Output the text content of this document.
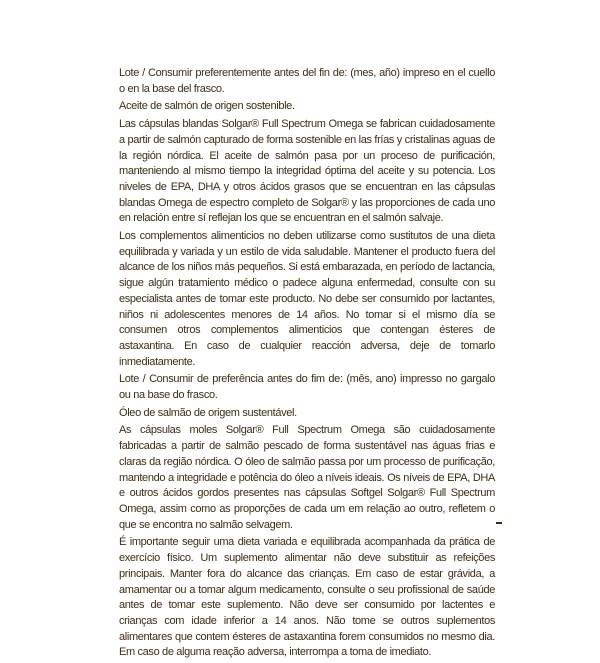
Lote / Consumir preferentemente antes del fin de: (mes, año) impreso en el cuello o en la base del frasco.

Aceite de salmón de origen sostenible.

Las cápsulas blandas Solgar® Full Spectrum Omega se fabrican cuidadosamente a partir de salmón capturado de forma sostenible en las frías y cristalinas aguas de la región nórdica. El aceite de salmón pasa por un proceso de purificación, manteniendo al mismo tiempo la integridad óptima del aceite y su potencia. Los niveles de EPA, DHA y otros ácidos grasos que se encuentran en las cápsulas blandas Omega de espectro completo de Solgar® y las proporciones de cada uno en relación entre sí reflejan los que se encuentran en el salmón salvaje.

Los complementos alimenticios no deben utilizarse como sustitutos de una dieta equilibrada y variada y un estilo de vida saludable. Mantener el producto fuera del alcance de los niños más pequeños. Si está embarazada, en período de lactancia, sigue algún tratamiento médico o padece alguna enfermedad, consulte con su especialista antes de tomar este producto. No debe ser consumido por lactantes, niños ni adolescentes menores de 14 años. No tomar si el mismo día se consumen otros complementos alimenticios que contengan ésteres de astaxantina. En caso de cualquier reacción adversa, deje de tomarlo inmediatamente.

Lote / Consumir de preferência antes do fim de: (mês, ano) impresso no gargalo ou na base do frasco.

Óleo de salmão de origem sustentável.

As cápsulas moles Solgar® Full Spectrum Omega são cuidadosamente fabricadas a partir de salmão pescado de forma sustentável nas águas frias e claras da região nórdica. O óleo de salmão passa por um processo de purificação, mantendo a integridade e potência do óleo a níveis ideais. Os níveis de EPA, DHA e outros ácidos gordos presentes nas cápsulas Softgel Solgar® Full Spectrum Omega, assim como as proporções de cada um em relação ao outro, refletem o que se encontra no salmão selvagem.

É importante seguir uma dieta variada e equilibrada acompanhada da prática de exercício físico. Um suplemento alimentar não deve substituir as refeições principais. Manter fora do alcance das crianças. Em caso de estar grávida, a amamentar ou a tomar algum medicamento, consulte o seu profissional de saúde antes de tomar este suplemento. Não deve ser consumido por lactentes e crianças com idade inferior a 14 anos. Não tome se outros suplementos alimentares que contem ésteres de astaxantina forem consumidos no mesmo dia. Em caso de alguma reação adversa, interrompa a toma de imediato.
